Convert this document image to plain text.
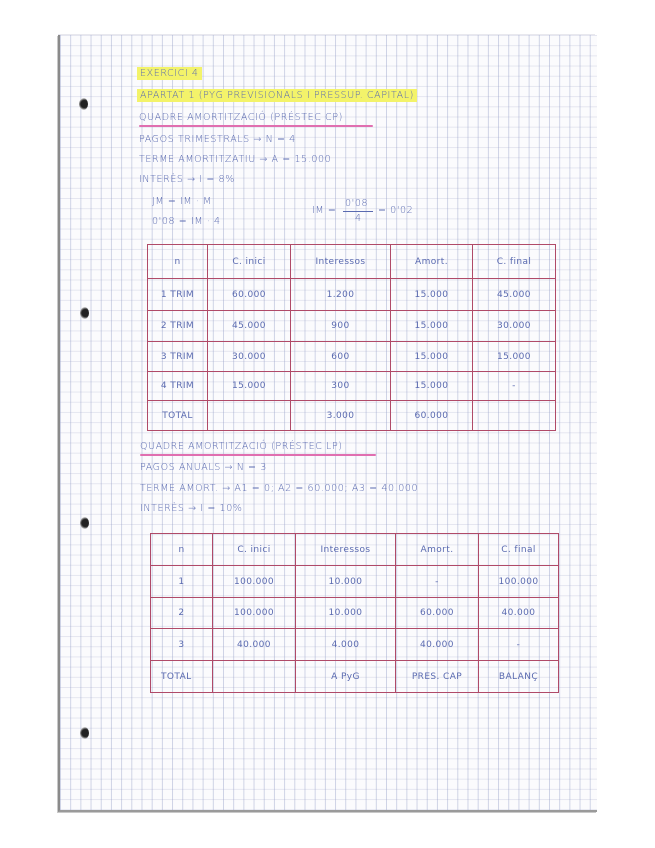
EXERCICI 4
APARTAT 1 (PYG PREVISIONALS I PRESSUP. CAPITAL)
QUADRE AMORTITZACIÓ (PRÉSTEC CP)
PAGOS TRIMESTRALS → N = 4
TERME AMORTITZATIU → A = 15.000
INTERÈS → I = 8%
JM = IM · M
0'08 = IM · 4
IM =
0'08
4
= 0'02
n	C. inici	Interessos	Amort.	C. final
1 TRIM	60.000	1.200	15.000	45.000
2 TRIM	45.000	900	15.000	30.000
3 TRIM	30.000	600	15.000	15.000
4 TRIM	15.000	300	15.000	-
TOTAL		3.000	60.000	
QUADRE AMORTITZACIÓ (PRÉSTEC LP)
PAGOS ANUALS → N = 3
TERME AMORT. → A1 = 0; A2 = 60.000; A3 = 40.000
INTERÈS → I = 10%
n	C. inici	Interessos	Amort.	C. final
1	100.000	10.000	-	100.000
2	100.000	10.000	60.000	40.000
3	40.000	4.000	40.000	-
TOTAL		A PyG	PRES. CAP	BALANÇ
